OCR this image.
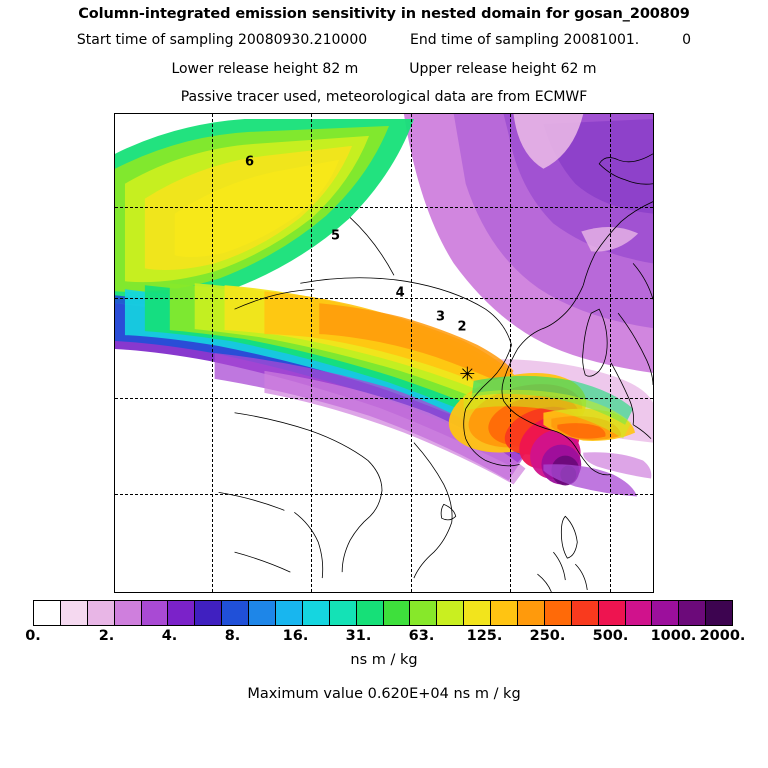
Column-integrated emission sensitivity in nested domain for gosan_200809
Start time of sampling 20080930.210000	End time of sampling 20081001.	0
Lower release height 82 m	Upper release height 62 m
Passive tracer used, meteorological data are from ECMWF
6
5
4
3
2
✳
0.	2.	4.	8.	16.	31.	63. 125. 250. 500. 1000. 2000.
ns m / kg
Maximum value 0.620E+04 ns m / kg
